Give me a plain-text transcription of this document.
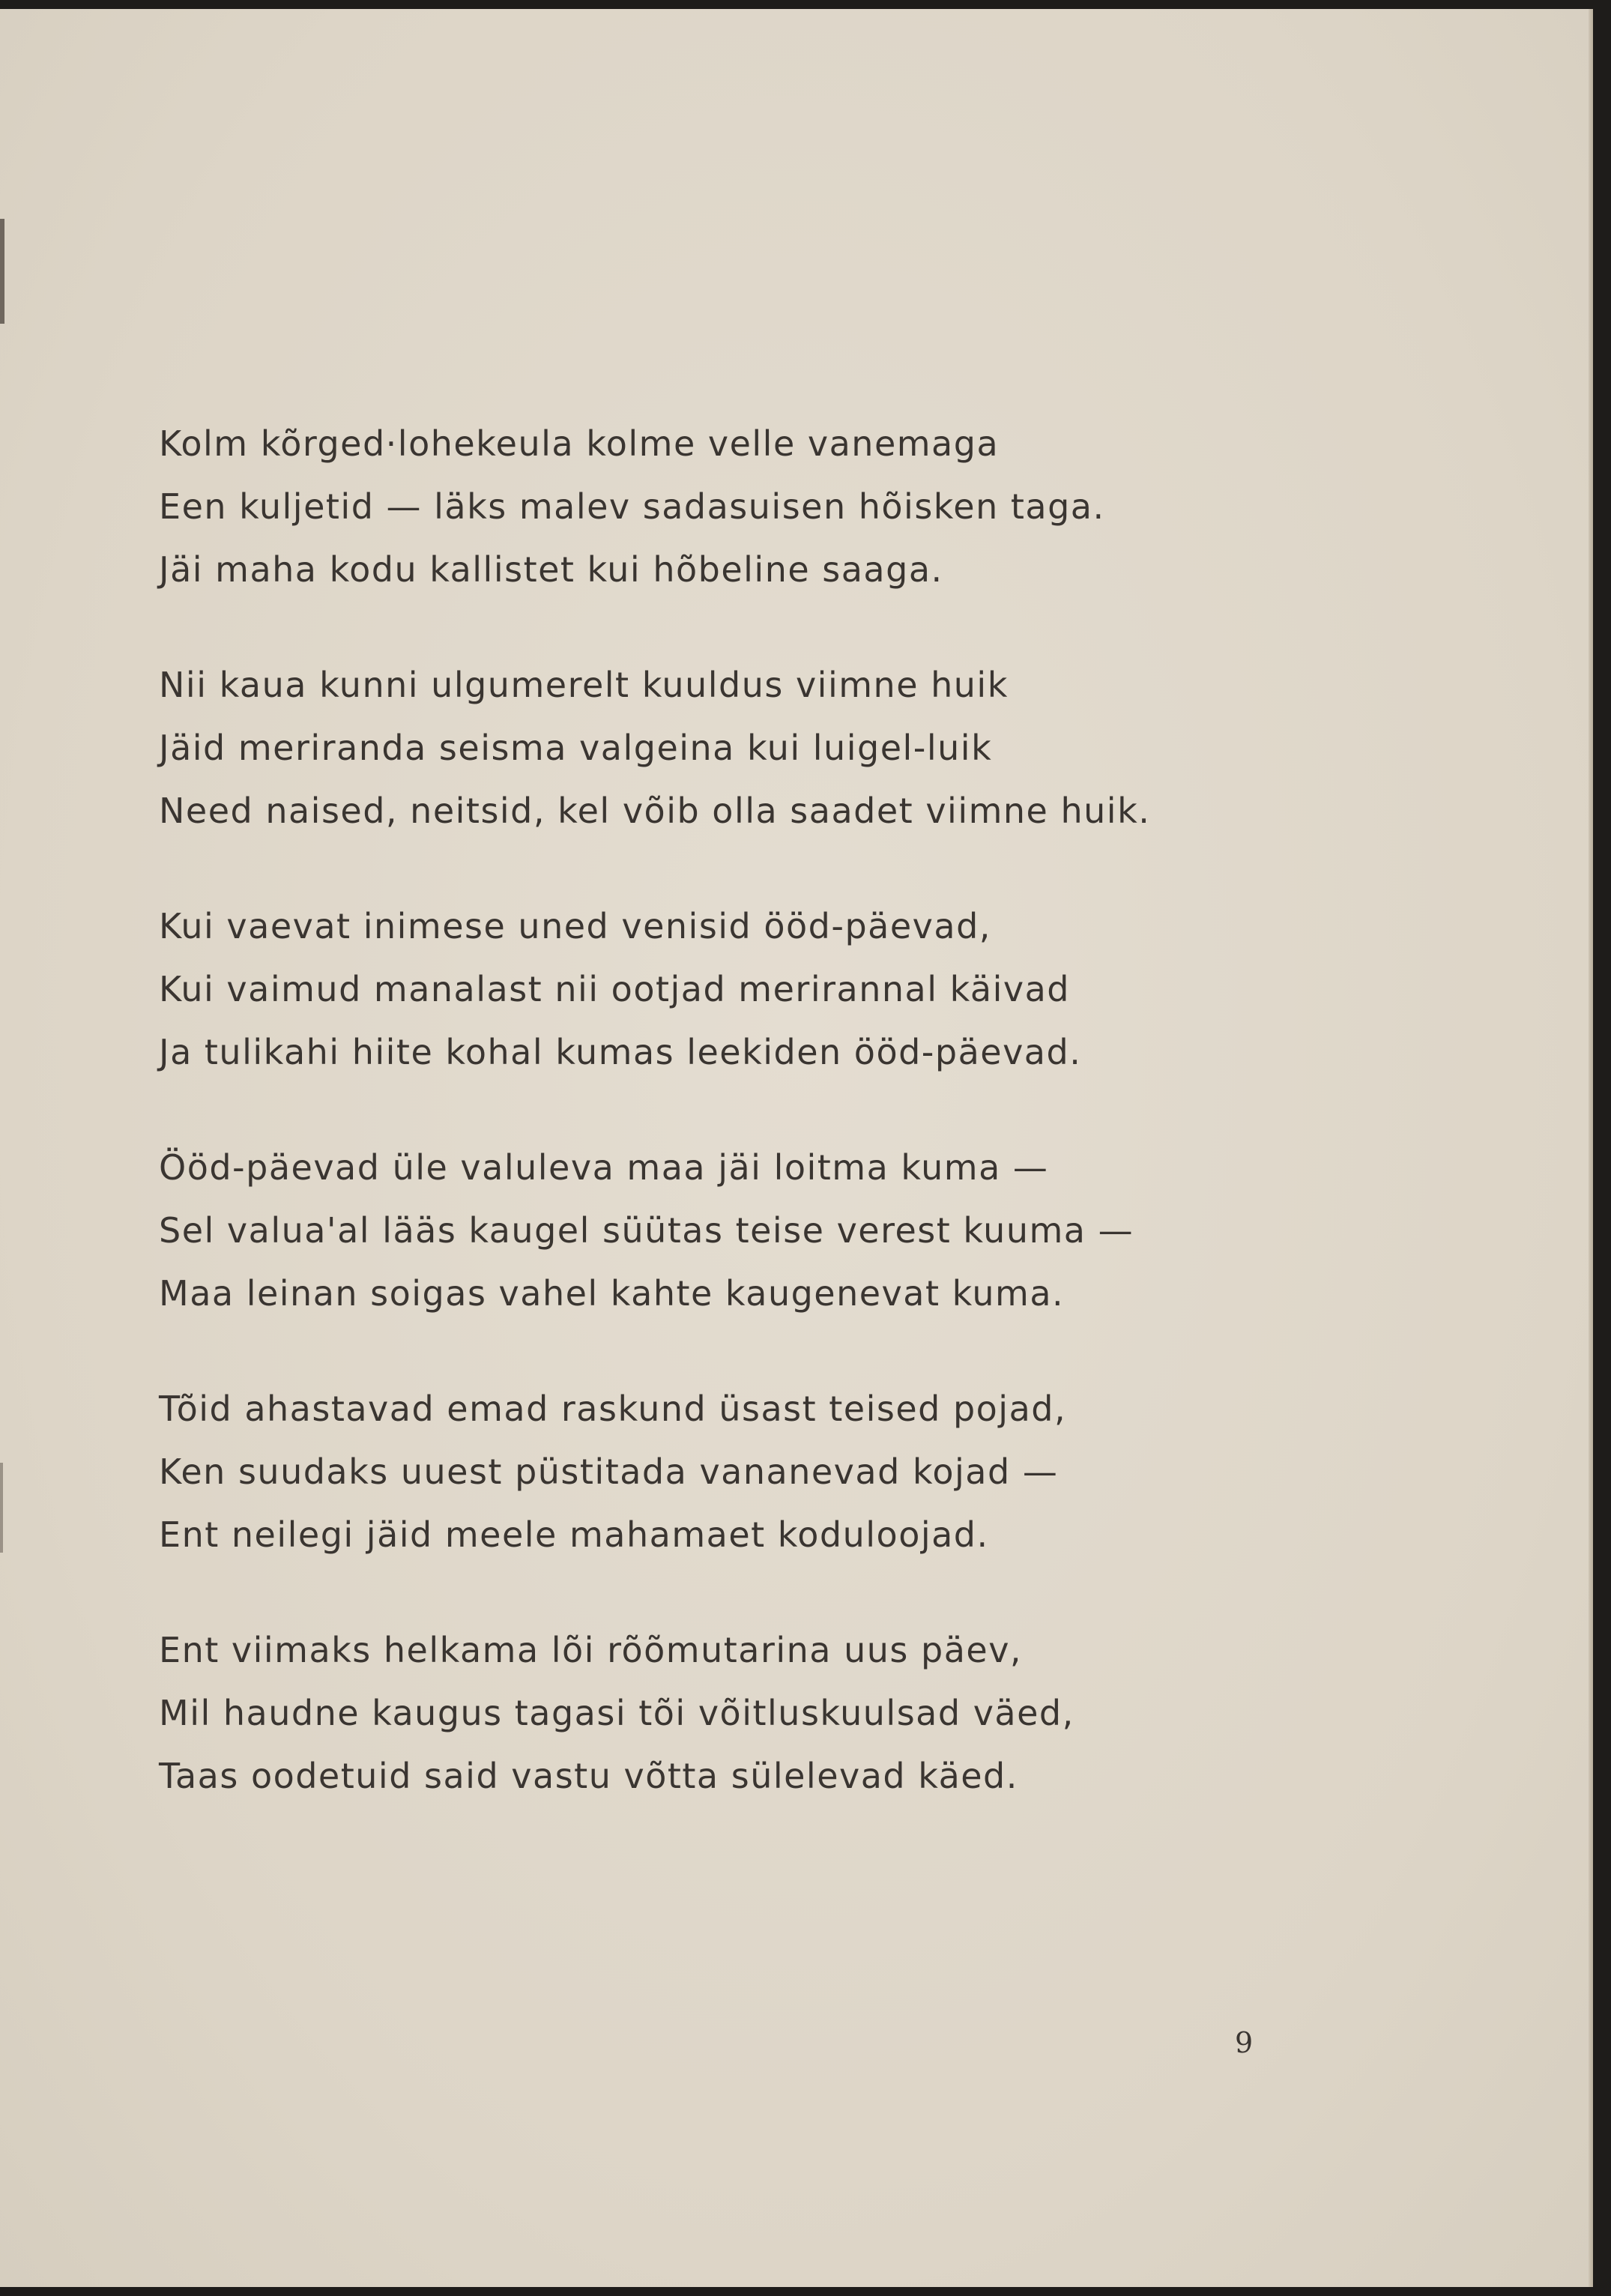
Kolm kõrged·lohekeula kolme velle vanemaga
Een kuljetid — läks malev sadasuisen hõisken taga.
Jäi maha kodu kallistet kui hõbeline saaga.
Nii kaua kunni ulgumerelt kuuldus viimne huik
Jäid meriranda seisma valgeina kui luigel-luik
Need naised, neitsid, kel võib olla saadet viimne huik.
Kui vaevat inimese uned venisid ööd-päevad,
Kui vaimud manalast nii ootjad merirannal käivad
Ja tulikahi hiite kohal kumas leekiden ööd-päevad.
Ööd-päevad üle valuleva maa jäi loitma kuma —
Sel valua'al lääs kaugel süütas teise verest kuuma —
Maa leinan soigas vahel kahte kaugenevat kuma.
Tõid ahastavad emad raskund üsast teised pojad,
Ken suudaks uuest püstitada vananevad kojad —
Ent neilegi jäid meele mahamaet koduloojad.
Ent viimaks helkama lõi rõõmutarina uus päev,
Mil haudne kaugus tagasi tõi võitluskuulsad väed,
Taas oodetuid said vastu võtta sülelevad käed.
9
